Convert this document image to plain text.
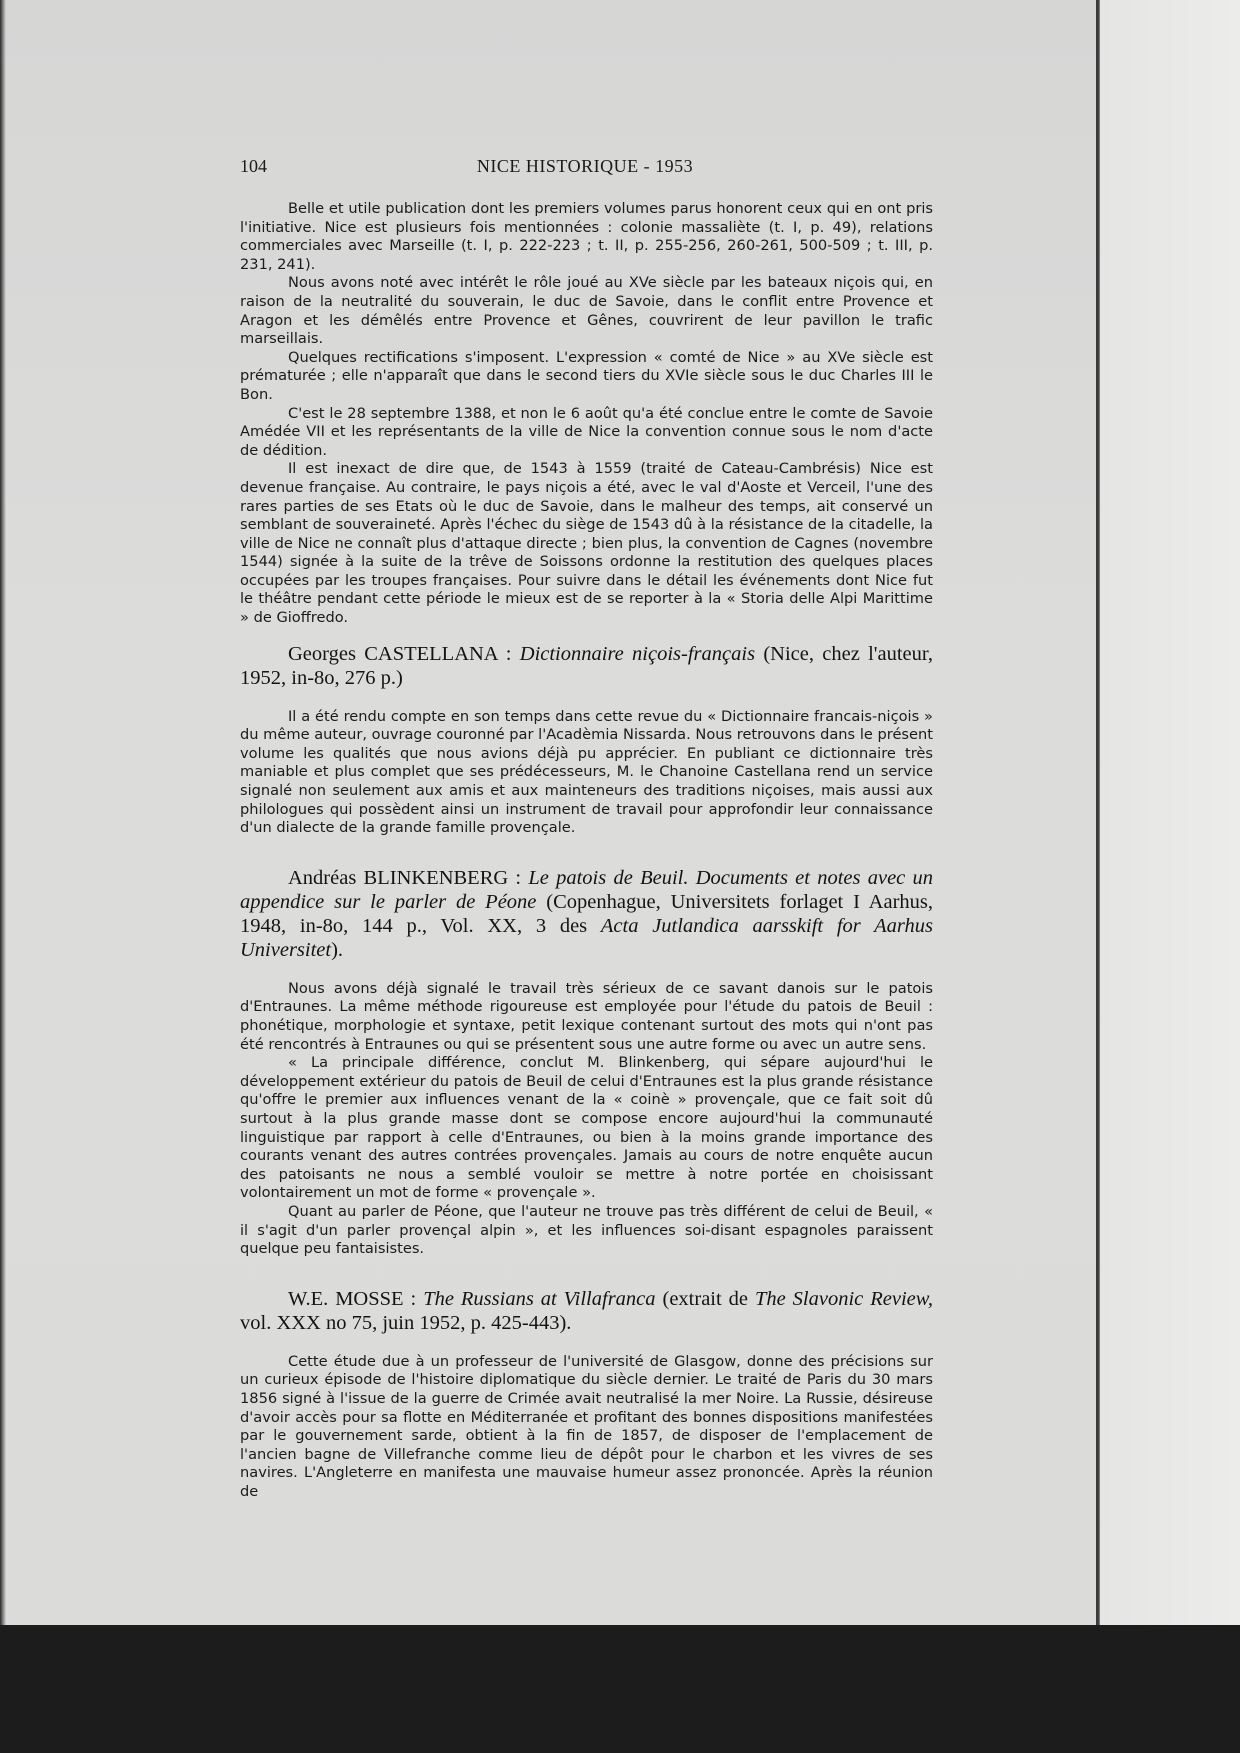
104	NICE HISTORIQUE - 1953

Belle et utile publication dont les premiers volumes parus honorent ceux qui en ont pris l'initiative. Nice est plusieurs fois mentionnées : colonie massaliète (t. I, p. 49), relations commerciales avec Marseille (t. I, p. 222-223 ; t. II, p. 255-256, 260-261, 500-509 ; t. III, p. 231, 241).

Nous avons noté avec intérêt le rôle joué au XVe siècle par les bateaux niçois qui, en raison de la neutralité du souverain, le duc de Savoie, dans le conflit entre Provence et Aragon et les démêlés entre Provence et Gênes, couvrirent de leur pavillon le trafic marseillais.

Quelques rectifications s'imposent. L'expression « comté de Nice » au XVe siècle est prématurée ; elle n'apparaît que dans le second tiers du XVIe siècle sous le duc Charles III le Bon.

C'est le 28 septembre 1388, et non le 6 août qu'a été conclue entre le comte de Savoie Amédée VII et les représentants de la ville de Nice la convention connue sous le nom d'acte de dédition.

Il est inexact de dire que, de 1543 à 1559 (traité de Cateau-Cambrésis) Nice est devenue française. Au contraire, le pays niçois a été, avec le val d'Aoste et Verceil, l'une des rares parties de ses Etats où le duc de Savoie, dans le malheur des temps, ait conservé un semblant de souveraineté. Après l'échec du siège de 1543 dû à la résistance de la citadelle, la ville de Nice ne connaît plus d'attaque directe ; bien plus, la convention de Cagnes (novembre 1544) signée à la suite de la trêve de Soissons ordonne la restitution des quelques places occupées par les troupes françaises. Pour suivre dans le détail les événements dont Nice fut le théâtre pendant cette période le mieux est de se reporter à la « Storia delle Alpi Marittime » de Gioffredo.

Georges CASTELLANA : Dictionnaire niçois-français (Nice, chez l'auteur, 1952, in-8o, 276 p.)

Il a été rendu compte en son temps dans cette revue du « Dictionnaire francais-niçois » du même auteur, ouvrage couronné par l'Acadèmia Nissarda. Nous retrouvons dans le présent volume les qualités que nous avions déjà pu apprécier. En publiant ce dictionnaire très maniable et plus complet que ses prédécesseurs, M. le Chanoine Castellana rend un service signalé non seulement aux amis et aux mainteneurs des traditions niçoises, mais aussi aux philologues qui possèdent ainsi un instrument de travail pour approfondir leur connaissance d'un dialecte de la grande famille provençale.

Andréas BLINKENBERG : Le patois de Beuil. Documents et notes avec un appendice sur le parler de Péone (Copenhague, Universitets forlaget I Aarhus, 1948, in-8o, 144 p., Vol. XX, 3 des Acta Jutlandica aarsskift for Aarhus Universitet).

Nous avons déjà signalé le travail très sérieux de ce savant danois sur le patois d'Entraunes. La même méthode rigoureuse est employée pour l'étude du patois de Beuil : phonétique, morphologie et syntaxe, petit lexique contenant surtout des mots qui n'ont pas été rencontrés à Entraunes ou qui se présentent sous une autre forme ou avec un autre sens.

« La principale différence, conclut M. Blinkenberg, qui sépare aujourd'hui le développement extérieur du patois de Beuil de celui d'Entraunes est la plus grande résistance qu'offre le premier aux influences venant de la « coinè » provençale, que ce fait soit dû surtout à la plus grande masse dont se compose encore aujourd'hui la communauté linguistique par rapport à celle d'Entraunes, ou bien à la moins grande importance des courants venant des autres contrées provençales. Jamais au cours de notre enquête aucun des patoisants ne nous a semblé vouloir se mettre à notre portée en choisissant volontairement un mot de forme « provençale ».

Quant au parler de Péone, que l'auteur ne trouve pas très différent de celui de Beuil, « il s'agit d'un parler provençal alpin », et les influences soi-disant espagnoles paraissent quelque peu fantaisistes.

W.E. MOSSE : The Russians at Villafranca (extrait de The Slavonic Review, vol. XXX no 75, juin 1952, p. 425-443).

Cette étude due à un professeur de l'université de Glasgow, donne des précisions sur un curieux épisode de l'histoire diplomatique du siècle dernier. Le traité de Paris du 30 mars 1856 signé à l'issue de la guerre de Crimée avait neutralisé la mer Noire. La Russie, désireuse d'avoir accès pour sa flotte en Méditerranée et profitant des bonnes dispositions manifestées par le gouvernement sarde, obtient à la fin de 1857, de disposer de l'emplacement de l'ancien bagne de Villefranche comme lieu de dépôt pour le charbon et les vivres de ses navires. L'Angleterre en manifesta une mauvaise humeur assez prononcée. Après la réunion de
